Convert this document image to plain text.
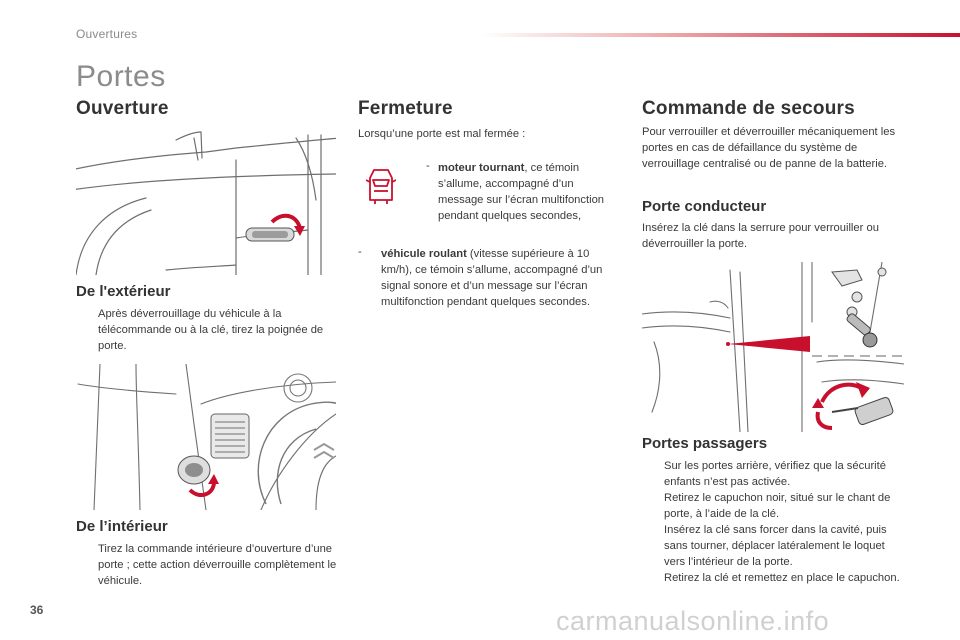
Ouvertures
Portes
Ouverture
De l'extérieur
Après déverrouillage du véhicule à la télécommande ou à la clé, tirez la poignée de porte.
De l’intérieur
Tirez la commande intérieure d’ouverture d’une porte ; cette action déverrouille complètement le véhicule.
Fermeture
Lorsqu’une porte est mal fermée :
- moteur tournant, ce témoin s’allume, accompagné d’un message sur l’écran multifonction pendant quelques secondes,
- véhicule roulant (vitesse supérieure à 10 km/h), ce témoin s’allume, accompagné d’un signal sonore et d’un message sur l’écran multifonction pendant quelques secondes.
Commande de secours
Pour verrouiller et déverrouiller mécaniquement les portes en cas de défaillance du système de verrouillage centralisé ou de panne de la batterie.
Porte conducteur
Insérez la clé dans la serrure pour verrouiller ou déverrouiller la porte.
Portes passagers
Sur les portes arrière, vérifiez que la sécurité enfants n’est pas activée.
Retirez le capuchon noir, situé sur le chant de porte, à l’aide de la clé.
Insérez la clé sans forcer dans la cavité, puis sans tourner, déplacer latéralement le loquet vers l’intérieur de la porte.
Retirez la clé et remettez en place le capuchon.
36	carmanualsonline.info
